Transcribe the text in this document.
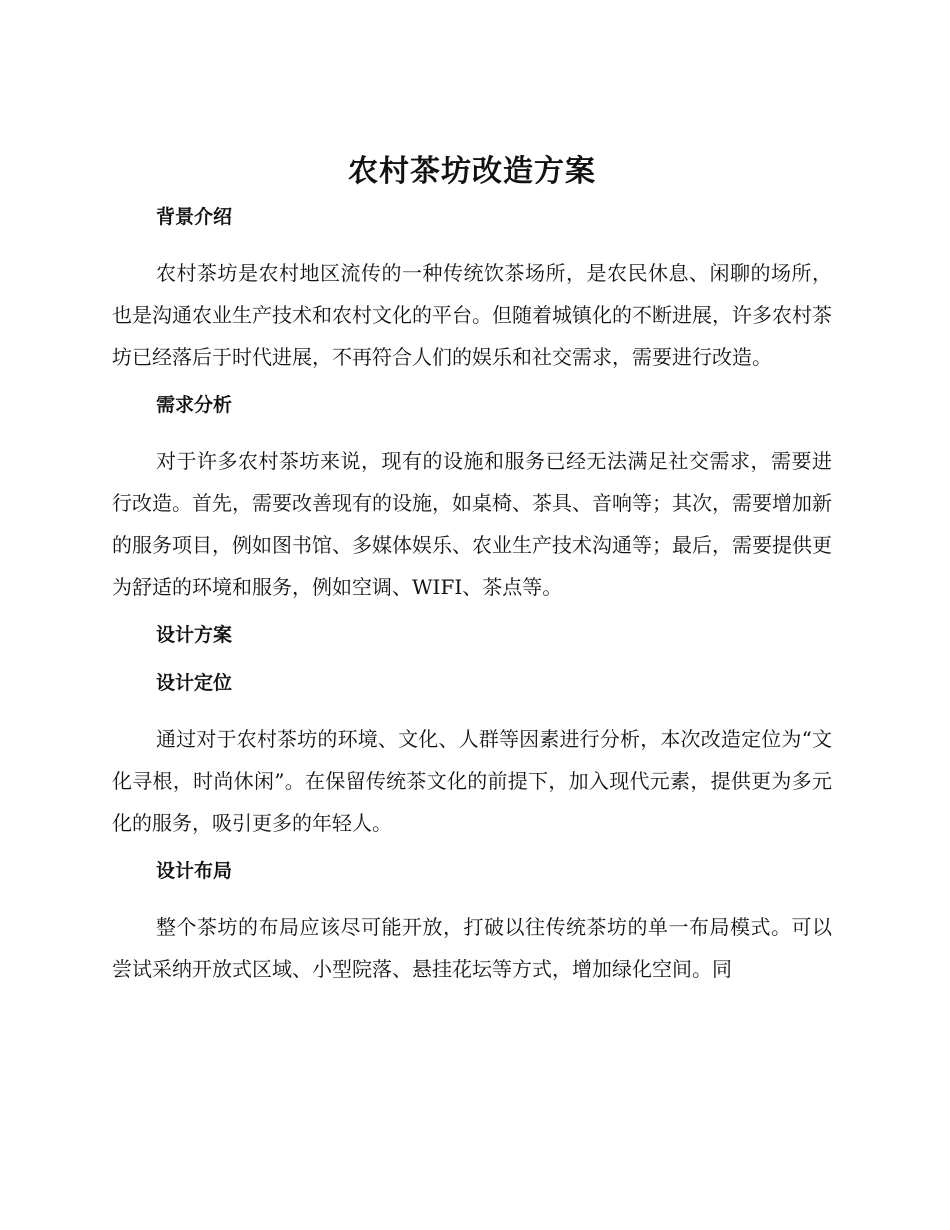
农村茶坊改造方案
背景介绍

农村茶坊是农村地区流传的一种传统饮茶场所，是农民休息、闲聊的场所，也是沟通农业生产技术和农村文化的平台。但随着城镇化的不断进展，许多农村茶坊已经落后于时代进展，不再符合人们的娱乐和社交需求，需要进行改造。

需求分析

对于许多农村茶坊来说，现有的设施和服务已经无法满足社交需求，需要进行改造。首先，需要改善现有的设施，如桌椅、茶具、音响等；其次，需要增加新的服务项目，例如图书馆、多媒体娱乐、农业生产技术沟通等；最后，需要提供更为舒适的环境和服务，例如空调、WIFI、茶点等。

设计方案
设计定位

通过对于农村茶坊的环境、文化、人群等因素进行分析，本次改造定位为“文化寻根，时尚休闲”。在保留传统茶文化的前提下，加入现代元素，提供更为多元化的服务，吸引更多的年轻人。

设计布局

整个茶坊的布局应该尽可能开放，打破以往传统茶坊的单一布局模式。可以尝试采纳开放式区域、小型院落、悬挂花坛等方式，增加绿化空间。同
